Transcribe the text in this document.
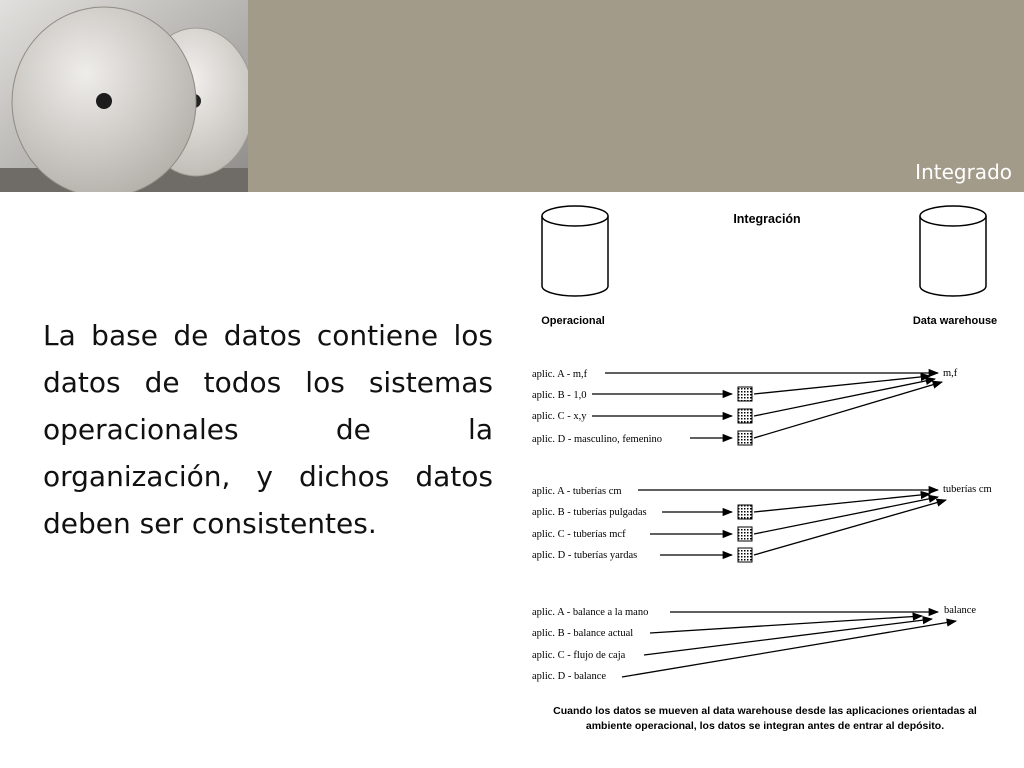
Integrado

La base de datos contiene los datos de todos los sistemas operacionales de la organización, y dichos datos deben ser consistentes.

Integración
Operacional	Data warehouse
aplic. A - m,f
aplic. B - 1,0
aplic. C - x,y
aplic. D - masculino, femenino
m,f
aplic. A - tuberías cm
aplic. B - tuberías pulgadas
aplic. C - tuberías mcf
aplic. D - tuberías yardas
tuberías cm
aplic. A - balance a la mano
aplic. B - balance actual
aplic. C - flujo de caja
aplic. D - balance
balance
Cuando los datos se mueven al data warehouse desde las aplicaciones orientadas al
ambiente operacional, los datos se integran antes de entrar al depósito.
